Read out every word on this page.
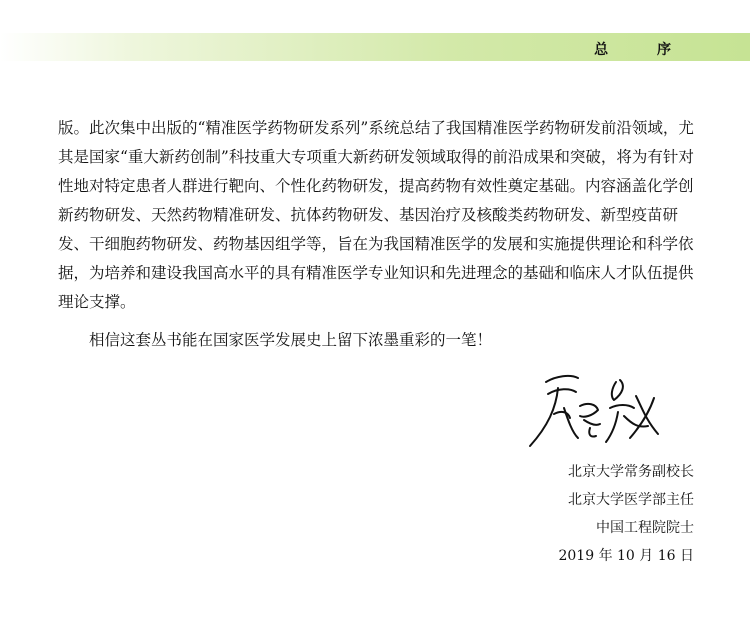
总 序

版。此次集中出版的“精准医学药物研发系列”系统总结了我国精准医学药物研发前沿领域，尤其是国家“重大新药创制”科技重大专项重大新药研发领域取得的前沿成果和突破，将为有针对性地对特定患者人群进行靶向、个性化药物研发，提高药物有效性奠定基础。内容涵盖化学创新药物研发、天然药物精准研发、抗体药物研发、基因治疗及核酸类药物研发、新型疫苗研发、干细胞药物研发、药物基因组学等，旨在为我国精准医学的发展和实施提供理论和科学依据，为培养和建设我国高水平的具有精准医学专业知识和先进理念的基础和临床人才队伍提供理论支撑。

相信这套丛书能在国家医学发展史上留下浓墨重彩的一笔！

北京大学常务副校长
北京大学医学部主任
中国工程院院士
2019 年 10 月 16 日
